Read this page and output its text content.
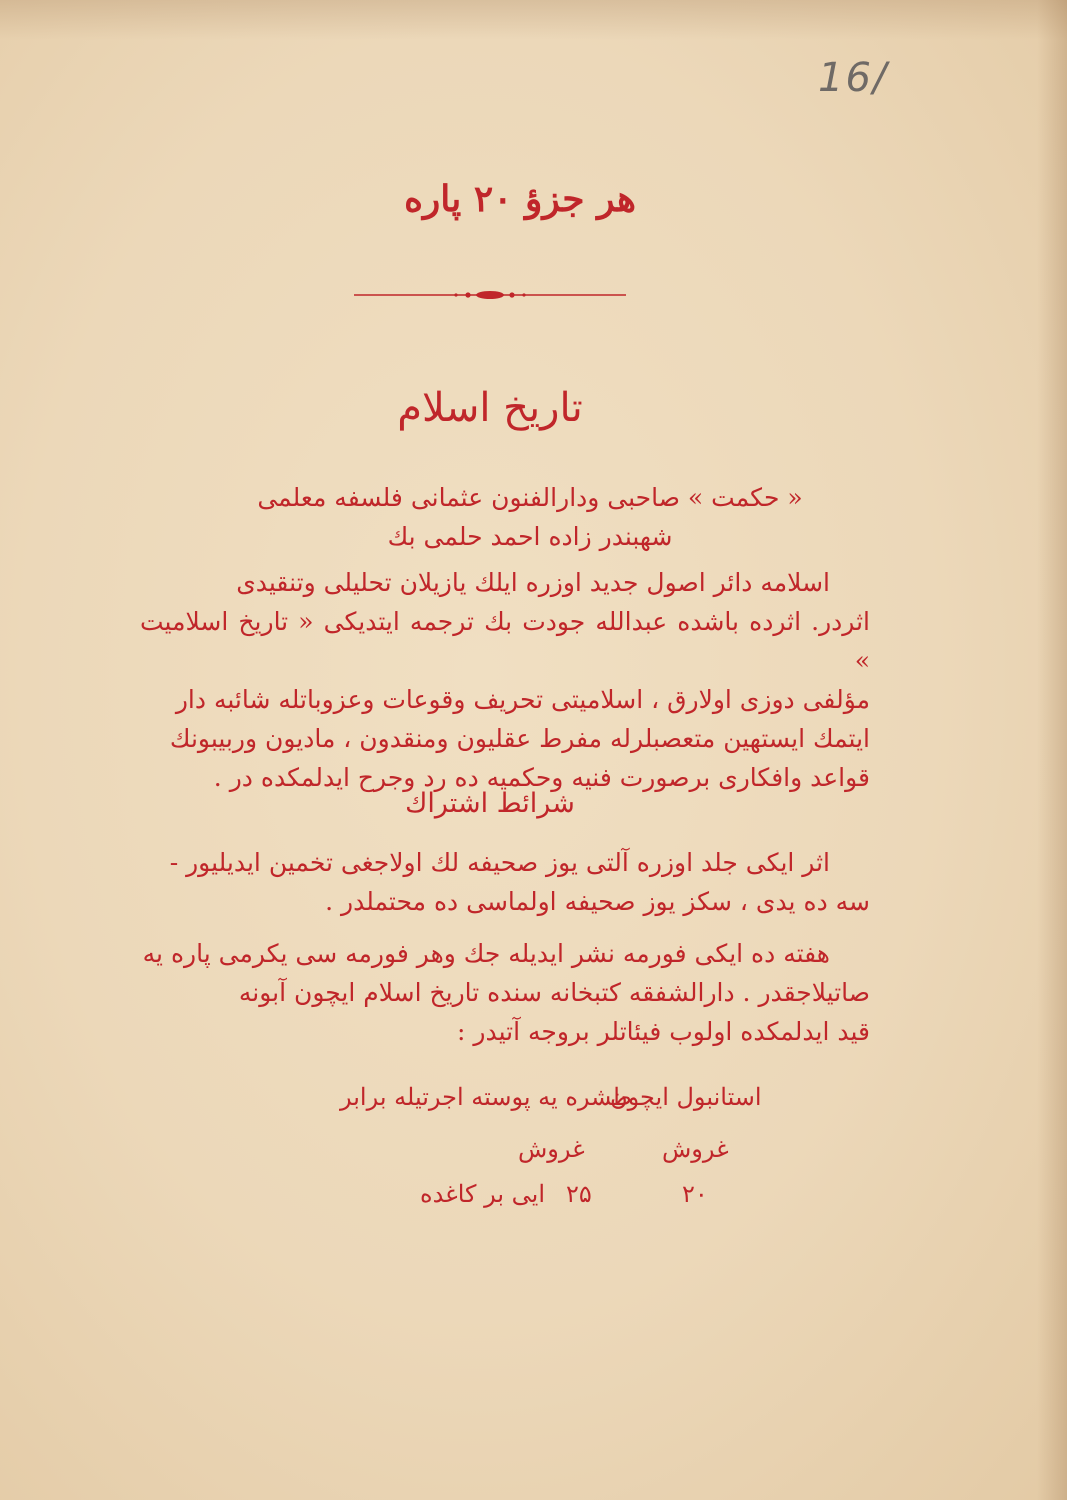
16/
هر جزؤ ۲۰ پاره
تاريخ اسلام
« حكمت » صاحبى ودارالفنون عثمانى فلسفه معلمى
شهبندر زاده احمد حلمى بك

اسلامه دائر اصول جديد اوزره ايلك يازيلان تحليلى وتنقيدى

اثردر. اثرده باشده عبدالله جودت بك ترجمه ايتديكى « تاريخ اسلاميت »

مؤلفى دوزى اولارق ، اسلاميتى تحريف وقوعات وعزوباتله شائبه دار

ايتمك ايستهين متعصبلرله مفرط عقليون ومنقدون ، ماديون وربيبونك

قواعد وافكارى برصورت فنيه وحكميه ده رد وجرح ايدلمكده در .

شرائط اشتراك

اثر ايكى جلد اوزره آلتى يوز صحيفه لك اولاجغى تخمين ايديليور -

سه ده يدى ، سكز يوز صحيفه اولماسى ده محتملدر .

هفته ده ايكى فورمه نشر ايديله جك وهر فورمه سى يكرمى پاره يه

صاتيلاجقدر . دارالشفقه كتبخانه سنده تاريخ اسلام ايچون آبونه

قيد ايدلمكده اولوب فيئاتلر بروجه آتيدر :

استانبول ايچون
طشره يه پوسته اجرتيله برابر
غروش
غروش
۲۰
۲۵
ايى بر كاغده
